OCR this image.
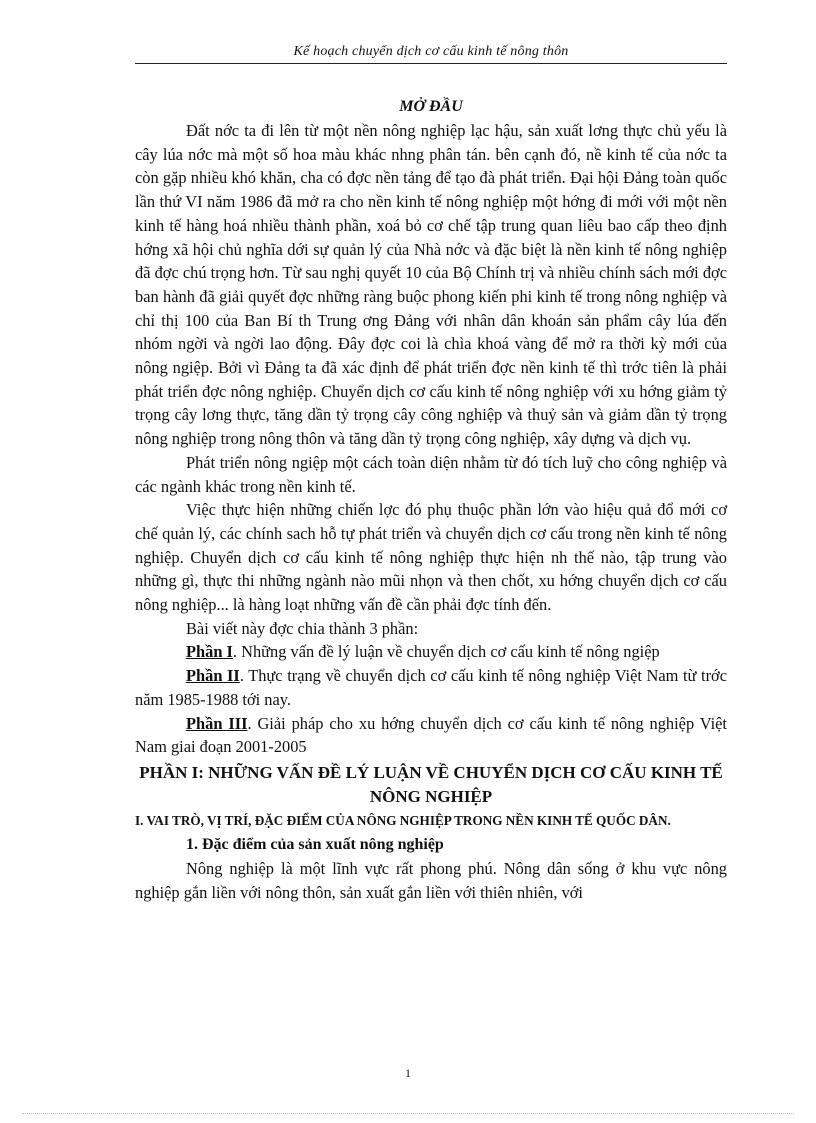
Kế hoạch chuyển dịch cơ cấu kinh tế nông thôn
MỞ ĐẦU

Đất nớc ta đi lên từ một nền nông nghiệp lạc hậu, sản xuất lơng thực chủ yếu là cây lúa nớc mà một số hoa màu khác nhng phân tán. bên cạnh đó, nề kinh tế của nớc ta còn gặp nhiều khó khăn, cha có đợc nền tảng để tạo đà phát triển. Đại hội Đảng toàn quốc lần thứ VI năm 1986 đã mở ra cho nền kinh tế nông nghiệp một hớng đi mới với một nền kinh tế hàng hoá nhiều thành phần, xoá bỏ cơ chế tập trung quan liêu bao cấp theo định hớng xã hội chủ nghĩa dới sự quản lý của Nhà nớc và đặc biệt là nền kinh tế nông nghiệp đã đợc chú trọng hơn. Từ sau nghị quyết 10 của Bộ Chính trị và nhiều chính sách mới đợc ban hành đã giải quyết đợc những ràng buộc phong kiến phi kinh tế trong nông nghiệp và chỉ thị 100 của Ban Bí th Trung ơng Đảng với nhân dân khoán sản phẩm cây lúa đến nhóm ngời và ngời lao động. Đây đợc coi là chìa khoá vàng để mở ra thời kỳ mới của nông ngiệp. Bởi vì Đảng ta đã xác định để phát triển đợc nền kinh tế thì trớc tiên là phải phát triển đợc nông nghiệp. Chuyển dịch cơ cấu kinh tế nông nghiệp với xu hớng giảm tỷ trọng cây lơng thực, tăng dần tỷ trọng cây công nghiệp và thuỷ sản và giảm dần tỷ trọng nông nghiệp trong nông thôn và tăng dần tỷ trọng công nghiệp, xây dựng và dịch vụ.

Phát triển nông ngiệp một cách toàn diện nhằm từ đó tích luỹ cho công nghiệp và các ngành khác trong nền kinh tế.

Việc thực hiện những chiến lợc đó phụ thuộc phần lớn vào hiệu quả đổ mới cơ chế quản lý, các chính sach hỗ tự phát triển và chuyển dịch cơ cấu trong nền kinh tế nông nghiệp. Chuyển dịch cơ cấu kinh tế nông nghiệp thực hiện nh thế nào, tập trung vào những gì, thực thi những ngành nào mũi nhọn và then chốt, xu hớng chuyển dịch cơ cấu nông nghiệp... là hàng loạt những vấn đề cần phải đợc tính đến.

Bài viết này đợc chia thành 3 phần:

Phần I. Những vấn đề lý luận về chuyển dịch cơ cấu kinh tế nông ngiệp

Phần II. Thực trạng về chuyển dịch cơ cấu kinh tế nông nghiệp Việt Nam từ trớc năm 1985-1988 tới nay.

Phần III. Giải pháp cho xu hớng chuyển dịch cơ cấu kinh tế nông nghiệp Việt Nam giai đoạn 2001-2005

PHẦN I: NHỮNG VẤN ĐỀ LÝ LUẬN VỀ CHUYỂN DỊCH CƠ CẤU KINH TẾ NÔNG NGHIỆP
I. VAI TRÒ, VỊ TRÍ, ĐẶC ĐIỂM CỦA NÔNG NGHIỆP TRONG NỀN KINH TẾ QUỐC DÂN.
1. Đặc điểm của sản xuất nông nghiệp

Nông nghiệp là một lĩnh vực rất phong phú. Nông dân sống ở khu vực nông nghiệp gắn liền với nông thôn, sản xuất gắn liền với thiên nhiên, với

1
